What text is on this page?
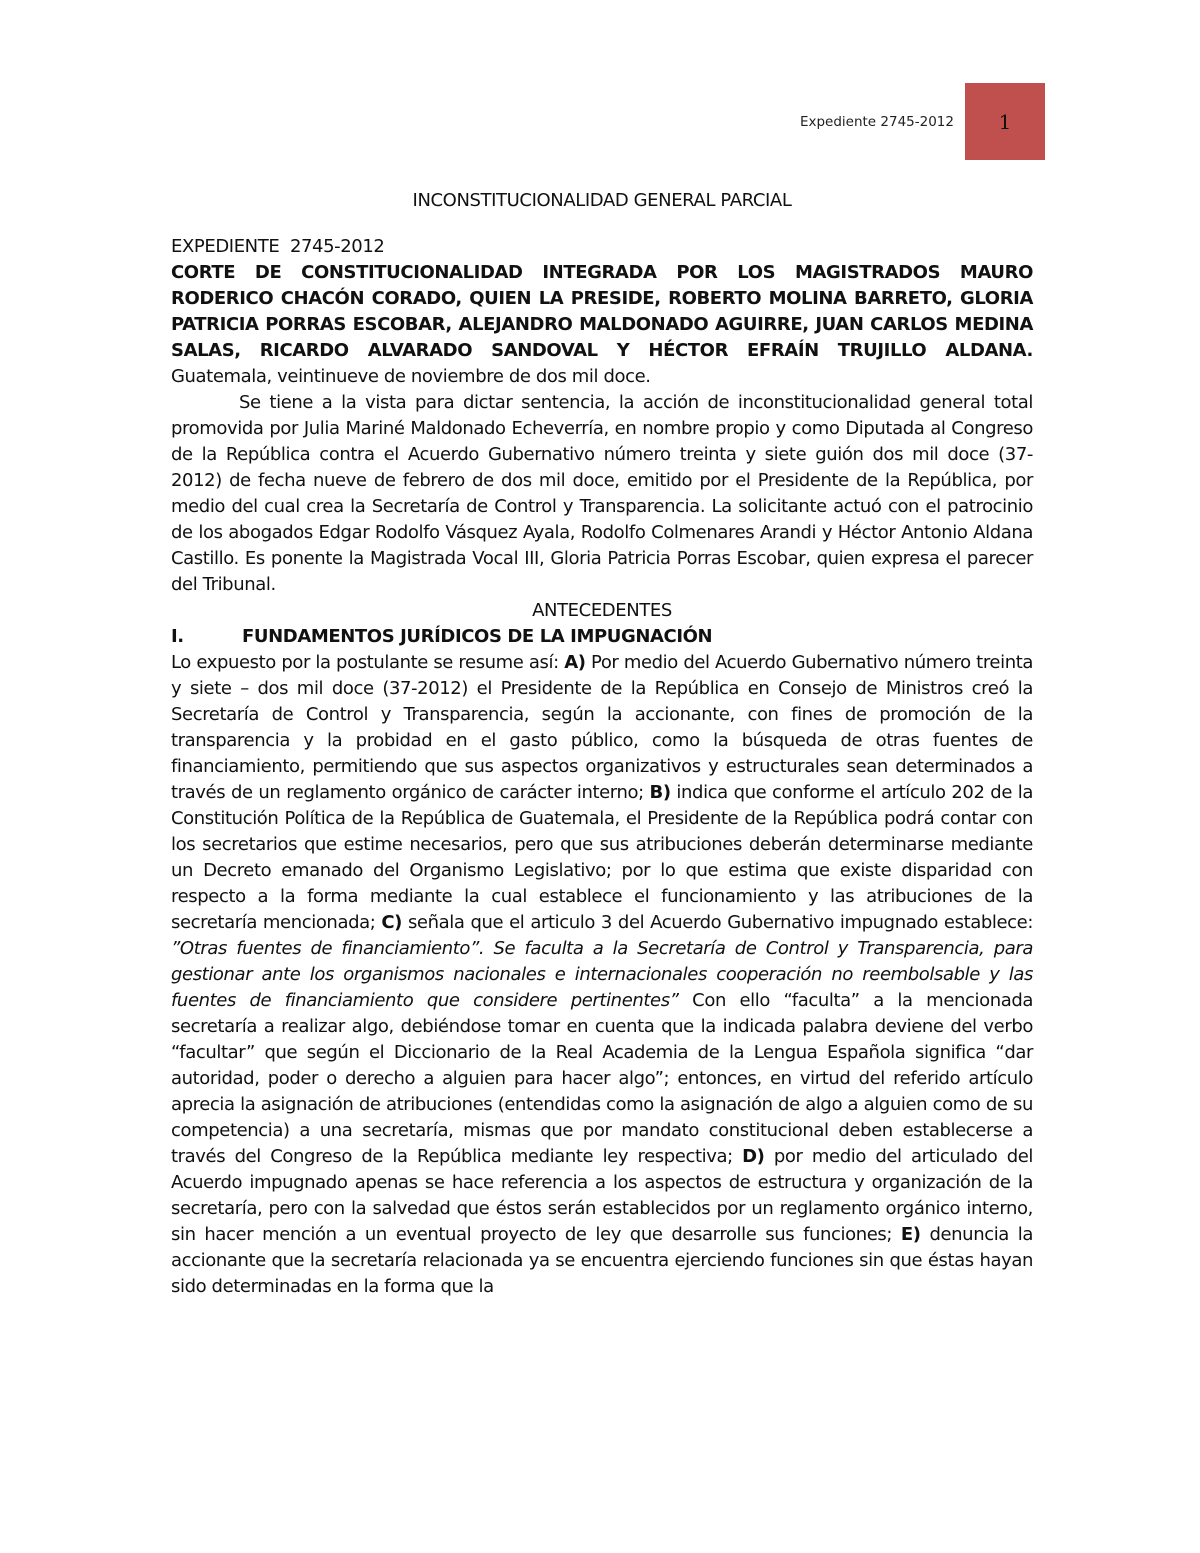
Expediente 2745-2012 1
INCONSTITUCIONALIDAD GENERAL PARCIAL
EXPEDIENTE  2745-2012

CORTE DE CONSTITUCIONALIDAD INTEGRADA POR LOS MAGISTRADOS MAURO RODERICO CHACÓN CORADO, QUIEN LA PRESIDE, ROBERTO MOLINA BARRETO, GLORIA PATRICIA PORRAS ESCOBAR, ALEJANDRO MALDONADO AGUIRRE, JUAN CARLOS MEDINA SALAS, RICARDO ALVARADO SANDOVAL Y HÉCTOR EFRAÍN TRUJILLO ALDANA. Guatemala, veintinueve de noviembre de dos mil doce.

Se tiene a la vista para dictar sentencia, la acción de inconstitucionalidad general total promovida por Julia Mariné Maldonado Echeverría, en nombre propio y como Diputada al Congreso de la República contra el Acuerdo Gubernativo número treinta y siete guión dos mil doce (37- 2012) de fecha nueve de febrero de dos mil doce, emitido por el Presidente de la República, por medio del cual crea la Secretaría de Control y Transparencia. La solicitante actuó con el patrocinio de los abogados Edgar Rodolfo Vásquez Ayala, Rodolfo Colmenares Arandi y Héctor Antonio Aldana Castillo. Es ponente la Magistrada Vocal III, Gloria Patricia Porras Escobar, quien expresa el parecer del Tribunal.

ANTECEDENTES
I.	FUNDAMENTOS JURÍDICOS DE LA IMPUGNACIÓN

Lo expuesto por la postulante se resume así: A) Por medio del Acuerdo Gubernativo número treinta y siete – dos mil doce (37-2012) el Presidente de la República en Consejo de Ministros creó la Secretaría de Control y Transparencia, según la accionante, con fines de promoción de la transparencia y la probidad en el gasto público, como la búsqueda de otras fuentes de financiamiento, permitiendo que sus aspectos organizativos y estructurales sean determinados a través de un reglamento orgánico de carácter interno; B) indica que conforme el artículo 202 de la Constitución Política de la República de Guatemala, el Presidente de la República podrá contar con los secretarios que estime necesarios, pero que sus atribuciones deberán determinarse mediante un Decreto emanado del Organismo Legislativo; por lo que estima que existe disparidad con respecto a la forma mediante la cual establece el funcionamiento y las atribuciones de la secretaría mencionada; C) señala que el articulo 3 del Acuerdo Gubernativo impugnado establece: ”Otras fuentes de financiamiento”. Se faculta a la Secretaría de Control y Transparencia, para gestionar ante los organismos nacionales e internacionales cooperación no reembolsable y las fuentes de financiamiento que considere pertinentes” Con ello “faculta” a la mencionada secretaría a realizar algo, debiéndose tomar en cuenta que la indicada palabra deviene del verbo “facultar” que según el Diccionario de la Real Academia de la Lengua Española significa “dar autoridad, poder o derecho a alguien para hacer algo”; entonces, en virtud del referido artículo aprecia la asignación de atribuciones (entendidas como la asignación de algo a alguien como de su competencia) a una secretaría, mismas que por mandato constitucional deben establecerse a través del Congreso de la República mediante ley respectiva; D) por medio del articulado del Acuerdo impugnado apenas se hace referencia a los aspectos de estructura y organización de la secretaría, pero con la salvedad que éstos serán establecidos por un reglamento orgánico interno, sin hacer mención a un eventual proyecto de ley que desarrolle sus funciones; E) denuncia la accionante que la secretaría relacionada ya se encuentra ejerciendo funciones sin que éstas hayan sido determinadas en la forma que la
